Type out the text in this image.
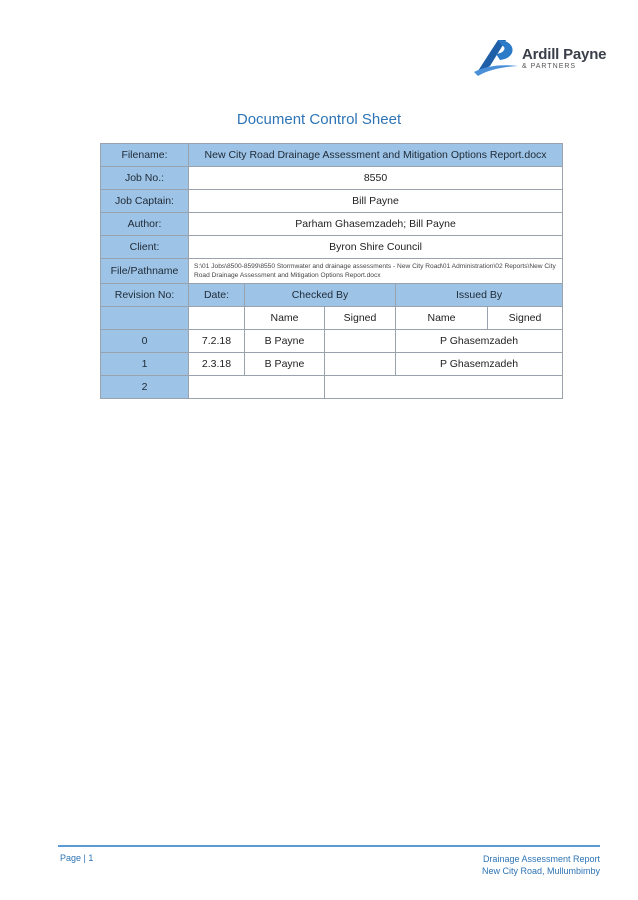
Ardill Payne
& PARTNERS
Document Control Sheet
Filename:	New City Road Drainage Assessment and Mitigation Options Report.docx				
Job No.:	8550				
Job Captain:	Bill Payne				
Author:	Parham Ghasemzadeh; Bill Payne				
Client:	Byron Shire Council				
File/Pathname	S:\01 Jobs\8500-8599\8550 Stormwater and drainage assessments - New City Road\01 Administration\02 Reports\New City Road Drainage Assessment and Mitigation Options Report.docx				
Revision No:	Date:	Checked By		Issued By	
		Name	Signed	Name	Signed
0	7.2.18	B Payne		P Ghasemzadeh	
1	2.3.18	B Payne		P Ghasemzadeh	
2					
Page | 1	Drainage Assessment Report
New City Road, Mullumbimby
